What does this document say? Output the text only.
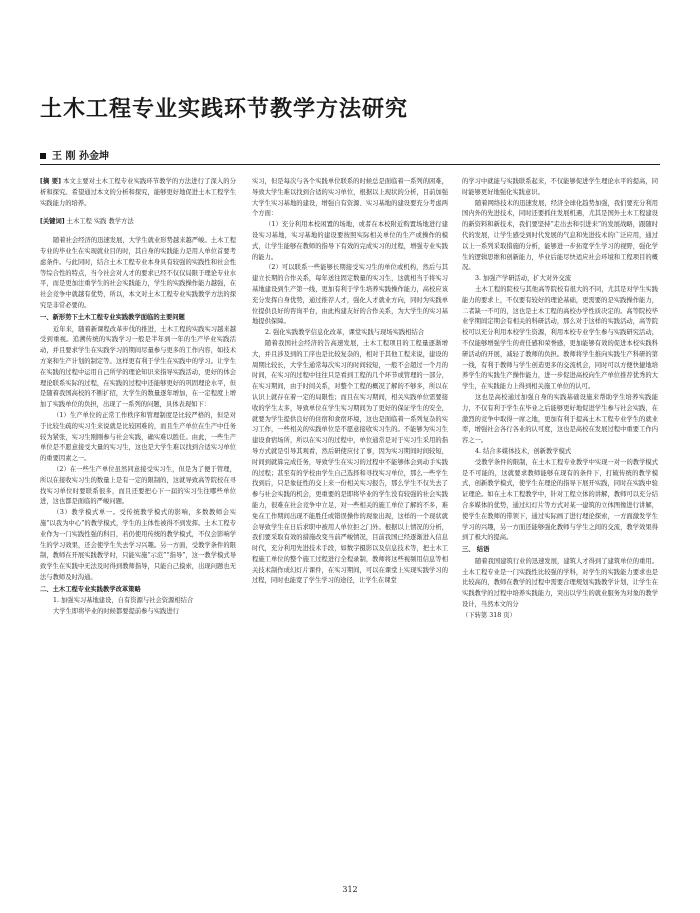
土木工程专业实践环节教学方法研究
王 刚 孙金坤

[摘 要] 本文主要对土木工程专业实践环节教学的方法进行了深入的分析和探究。希望通过本文的分析和探究，能够更好地促进土木工程学生实践能力的培养。

[关键词] 土木工程 实践 教学方法

随着社会经济的迅速发展，大学生就业形势越来越严峻。土木工程专业的毕业生在实现就业目的时，其自身的实践能力是用人单位首要考虑条件。与此同时，结合土木工程专业本身具有较强的实践性和社会性等综合性的特点，当今社会对人才的要求已经不仅仅局限于理论专业水平，而是更加注重学生的社会实践能力，学生的实践操作能力越强，在社会竞争中就越有优势，所以，本文对土木工程专业实践教学方法的探究是非常必要的。

一、新形势下土木工程专业实践教学面临的主要问题

近年来，随着新课程改革步伐的推进，土木工程的实践实习越来越受到重视。追溯传统的实践学习一般是半年到一年的生产毕业实践活动，并且要求学生在实践学习的期间尽量参与更多的工作内容，如技术方案和生产计划的制定等。这样更有利于学生在实践中的学习。让学生在实践的过程中运用自己所学的理论知识来指导实践活动，更好的体会理论联系实际的过程，在实践的过程中还能够更好的巩固理论水平，但是随着我国高校的不断扩招，大学生的数量逐年增加，在一定程度上增加了实践单位的负担，出现了一系列的问题，具体表现如下：

（1）生产单位的正常工作秩序和管理制度是比较严格的，但是对于比较生疏的实习生来说就是比较困难的，而且生产单位在生产中任务较为紧张，实习生刚刚参与社会实践，确实难以胜任。由此，一些生产单位是不愿意接受大量的实习生，这也是大学生难以找到合适实习单位的重要因素之一。

（2）在一些生产单位虽然同意接受实习生，但是为了便于管理，所以在接收实习生的数量上是有一定的限制的，这就导致高等院校在寻找实习单位时要联系很多，而且还要把心下一届的实习生往哪些单位进，这也都是面临的严峻问题。

（3）教学模式单一。受传统教学模式的影响，多数教师会实施“以我为中心”的教学模式，学生的主体性被得不到发挥。土木工程专业作为一门实践性强的科目，若仍使用传统的教学模式，不仅会影响学生的学习效果，还会使学生失去学习兴趣。另一方面，受教学条件的限制，教师在开展实践教学时，只能实施“示范”“指导”，这一教学模式导致学生在实践中无法及时得到教师指导，只能自己摸索，出现问题也无法与教师及时沟通。

二、土木工程专业实践教学改革策略

1. 加强实习基地建设，自有资源与社会资源相结合

大学生即将毕业的时候都要提前参与实践进行

实习，但是每次与各个实践单位联系的时候总是面临着一系列的困难，导致大学生难以找到合适的实习单位，根据以上现状的分析，目前加强大学生实习基地的建设，增强自有资源、实习基地的建设要充分考虑两个方面：

（1）充分利用本校闲置的场地，或者在本校附近购置场地进行建设实习基地，实习基地的建设要按照实际相关单位的生产或操作的模式，让学生能够在教师的指导下有效的完成实习的过程，增强专业实践的能力。

（2）可以联系一些能够长期接受实习生的单位或机构，然后与其建立长期的合作关系，每年送往固定数量的实习生，这就相当于将实习基地建设到生产第一线，更加有利于学生培养实践操作能力，高校应该充分发挥自身优势，通过推荐人才，强化人才就业方向，同时为实践单位提供良好的咨询平台，由此构建友好的合作关系，为大学生的实习基地提供保障。

2. 强化实践教学信息化改革，课堂实践与现场实践相结合

随着我国社会经济的告高速发展，土木工程项目的工程量逐渐增大，并且涉及到的工序也是比较复杂的，相对于其他工程来说，建设的周期比较长，大学生通常每次实习的时间较短，一般不会超过一个月的时间，在实习的过程中往往只是看到工程的几个环节或管理的一部分，在实习期间，由于时间关系，对整个工程的概况了解的不够多，所以在认识上就存在着一定的局限性；而且在实习期间，相关实践单位需要接收的学生太多，导致单位在学生实习期间为了更好的保证学生的安全，就要为学生提供良好的住宿和食宿环境，这也是面临着一系列复杂的实习工作，一些相关的实践单位是不愿意接收实习生的。不能够为实习生建设食宿场所，所以在实习的过程中，单位通常是对于实习生采用的指导方式就是引导其观看，然后研使应付了事，因为实习期间时间较短，时间到就算完成任务，导致学生在实习的过程中不能够体会到动手实践的过程；甚至有的学校由学生自己选择和寻找实习单位，那么一些学生找到后，只是象征性的交上来一份相关实习报告，那么学生不仅失去了参与社会实践的机会，更重要的是即将毕业的学生没有较强的社会实践能力，很难在社会竞争中立足，对一些相关的施工单位了解的不多，难免在工作期间出现不能胜任或错误操作的现象出现，这样的一个现状就会导致学生在日后求职中被用人单位拒之门外。根据以上情况的分析，我们要采取有效的措施改变当前严峻情况，目前我国已经逐渐进入信息时代，充分利用先进技术手段，如数字摄影以及信息技术等，把土木工程施工单位的整个施工过程进行全程录制，教师将这些视频用信息等相关技术制作成幻灯片课件，在实习期间，可以在课堂上实现实践学习的过程，同时也能宽了学生学习的途径，让学生在课堂

的学习中就能与实践联系起来，不仅能够促进学生理论水平的提高，同时能够更好地强化实践意识。

随着网络技术的迅速发展，经济全球化趋势加强，我们要充分利用国内外的先进技术，同时还要抓住发展机遇，尤其是国外土木工程建设的新资料和新技术，我们要坚持“走出去和引进来”的发展战略，跟随时代的发展，让学生感受到时代发展的气息和先进技术的广泛应用，通过以上一系列采取措施的分析，能够进一步拓宽学生学习的视野，强化学生的逻辑思维和创新能力，毕业后能尽快适应社会环境和工程项目的概况。

3. 加强产学研活动，扩大对外交流

土木工程的院校与其他高等院校有很大的不同，尤其是对学生实践能力的要求上，不仅要有较好的理论基础，更需要的是实践操作能力，二者缺一不可的，这也是土木工程的高校办学性质决定的。高等院校毕业学期间定期会有相关的科研活动，那么对于这样的实践活动，高等院校可以充分利用本校学生资源，利用本校专业学生参与实践研究活动，不仅能够增强学生的责任感和荣誉感，更加能够有效的促进本校实践科研活动的开展，减轻了教师的负担。教师将学生推向实践生产科研的第一线，有利于教师与学生创造更多的交流机会，同时可以方便快捷地培养学生的实践生产操作能力，进一步促进高校向生产单位推荐优秀的大学生，在实践能力上得到相关施工单位的认可。

这也是高校通过加强自身的实践基础设施来帮助学生培养实践能力，不仅有利于学生在毕业之后能够更好地促进学生参与社会实践，在激烈的竞争中取得一席之地，更加有利于提高土木工程专业学生的就业率，增强社会各行各业的认可度，这也是高校在发展过程中重要工作内容之一。

4. 结合多媒体技术，创新教学模式

受教学条件的限制，在土木工程专业教学中实现一对一的教学模式是不可能的，这就要求教师能够在现有的条件下，打破传统的教学模式，创新教学模式，使学生在理论的指导下展开实践，同时在实践中验证理论。如在土木工程教学中，针对工程立体的讲解，教师可以充分结合多媒体的优势，通过幻灯片等方式对某一建筑的立体图像进行讲解，使学生在教师的带领下，通过实际画了进行理论探索，一方面激发学生学习的兴趣，另一方面还能够强化教师与学生之间的交流，教学效果得到了极大的提高。

三、 结语

随着我国建筑行业的迅速发展，建筑人才得到了建筑单位的重用。土木工程专业是一门实践性比较强的学科，对学生的实践能力要求也是比较高的，教师在教学的过程中需要合理规划实践教学计划，让学生在实践教学的过程中培养实践能力，突出以学生的就业服务为对象的教学设计，当然本文的分

（下转第 318 页）

312
